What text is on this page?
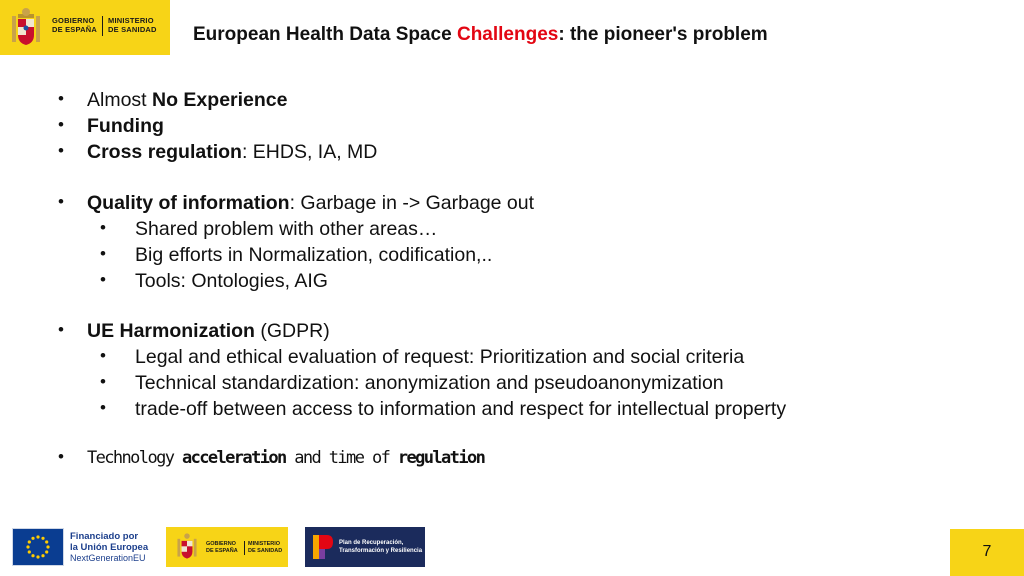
GOBIERNO
DE ESPAÑA
MINISTERIO
DE SANIDAD European Health Data Space Challenges: the pioneer's problem
• Almost No Experience
• Funding
• Cross regulation: EHDS, IA, MD
• Quality of information: Garbage in -> Garbage out
• Shared problem with other areas…
• Big efforts in Normalization, codification,..
• Tools: Ontologies, AIG
• UE Harmonization (GDPR)
• Legal and ethical evaluation of request: Prioritization and social criteria
• Technical standardization: anonymization and pseudoanonymization
• trade-off between access to information and respect for intellectual property
• Technology acceleration and time of regulation
Financiado por
la Unión Europea
NextGenerationEU
GOBIERNO
DE ESPAÑA
MINISTERIO
DE SANIDAD
Plan de Recuperación,
Transformación y Resiliencia	7
